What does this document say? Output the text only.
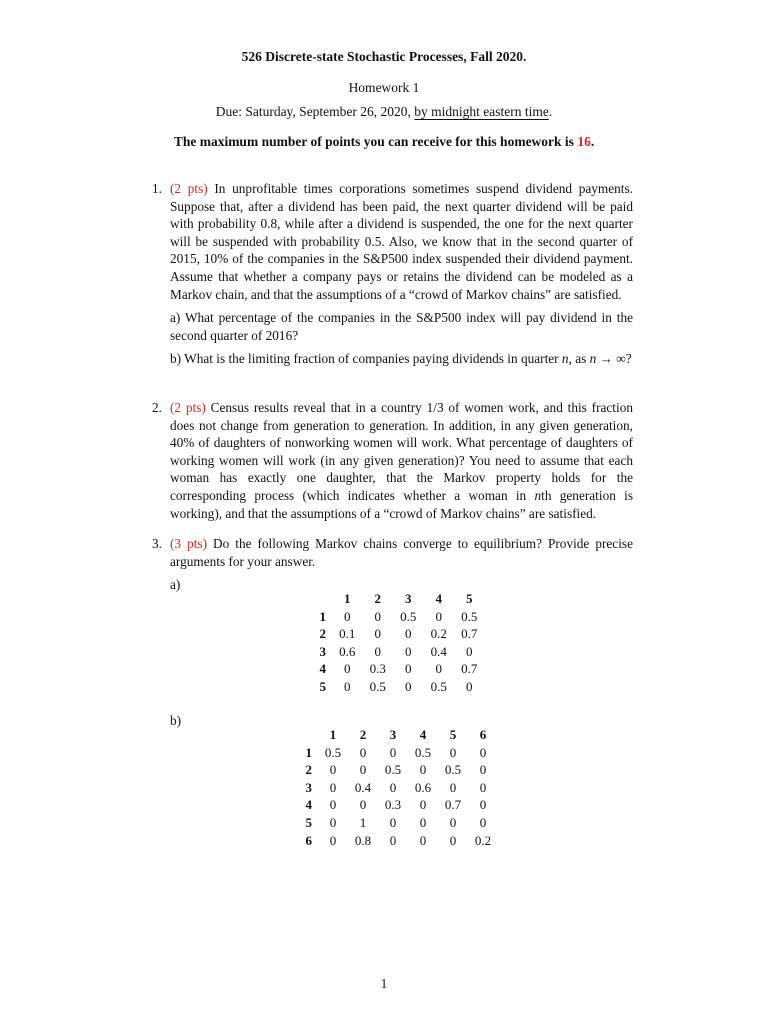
526 Discrete-state Stochastic Processes, Fall 2020.
Homework 1
Due: Saturday, September 26, 2020, by midnight eastern time.
The maximum number of points you can receive for this homework is 16.
1. (2 pts) In unprofitable times corporations sometimes suspend dividend payments. Suppose that, after a dividend has been paid, the next quarter dividend will be paid with probability 0.8, while after a dividend is suspended, the one for the next quarter will be suspended with probability 0.5. Also, we know that in the second quarter of 2015, 10% of the companies in the S&P500 index suspended their dividend payment. Assume that whether a company pays or retains the dividend can be modeled as a Markov chain, and that the assumptions of a “crowd of Markov chains” are satisfied.

a) What percentage of the companies in the S&P500 index will pay dividend in the second quarter of 2016?

b) What is the limiting fraction of companies paying dividends in quarter n, as n → ∞?

2. (2 pts) Census results reveal that in a country 1/3 of women work, and this fraction does not change from generation to generation. In addition, in any given generation, 40% of daughters of nonworking women will work. What percentage of daughters of working women will work (in any given generation)? You need to assume that each woman has exactly one daughter, that the Markov property holds for the corresponding process (which indicates whether a woman in nth generation is working), and that the assumptions of a “crowd of Markov chains” are satisfied.

3. (3 pts) Do the following Markov chains converge to equilibrium? Provide precise arguments for your answer.

a)
	1	2	3	4	5
1	0	0	0.5	0	0.5
2	0.1	0	0	0.2	0.7
3	0.6	0	0	0.4	0
4	0	0.3	0	0	0.7
5	0	0.5	0	0.5	0
b)
	1	2	3	4	5	6
1	0.5	0	0	0.5	0	0
2	0	0	0.5	0	0.5	0
3	0	0.4	0	0.6	0	0
4	0	0	0.3	0	0.7	0
5	0	1	0	0	0	0
6	0	0.8	0	0	0	0.2
1
